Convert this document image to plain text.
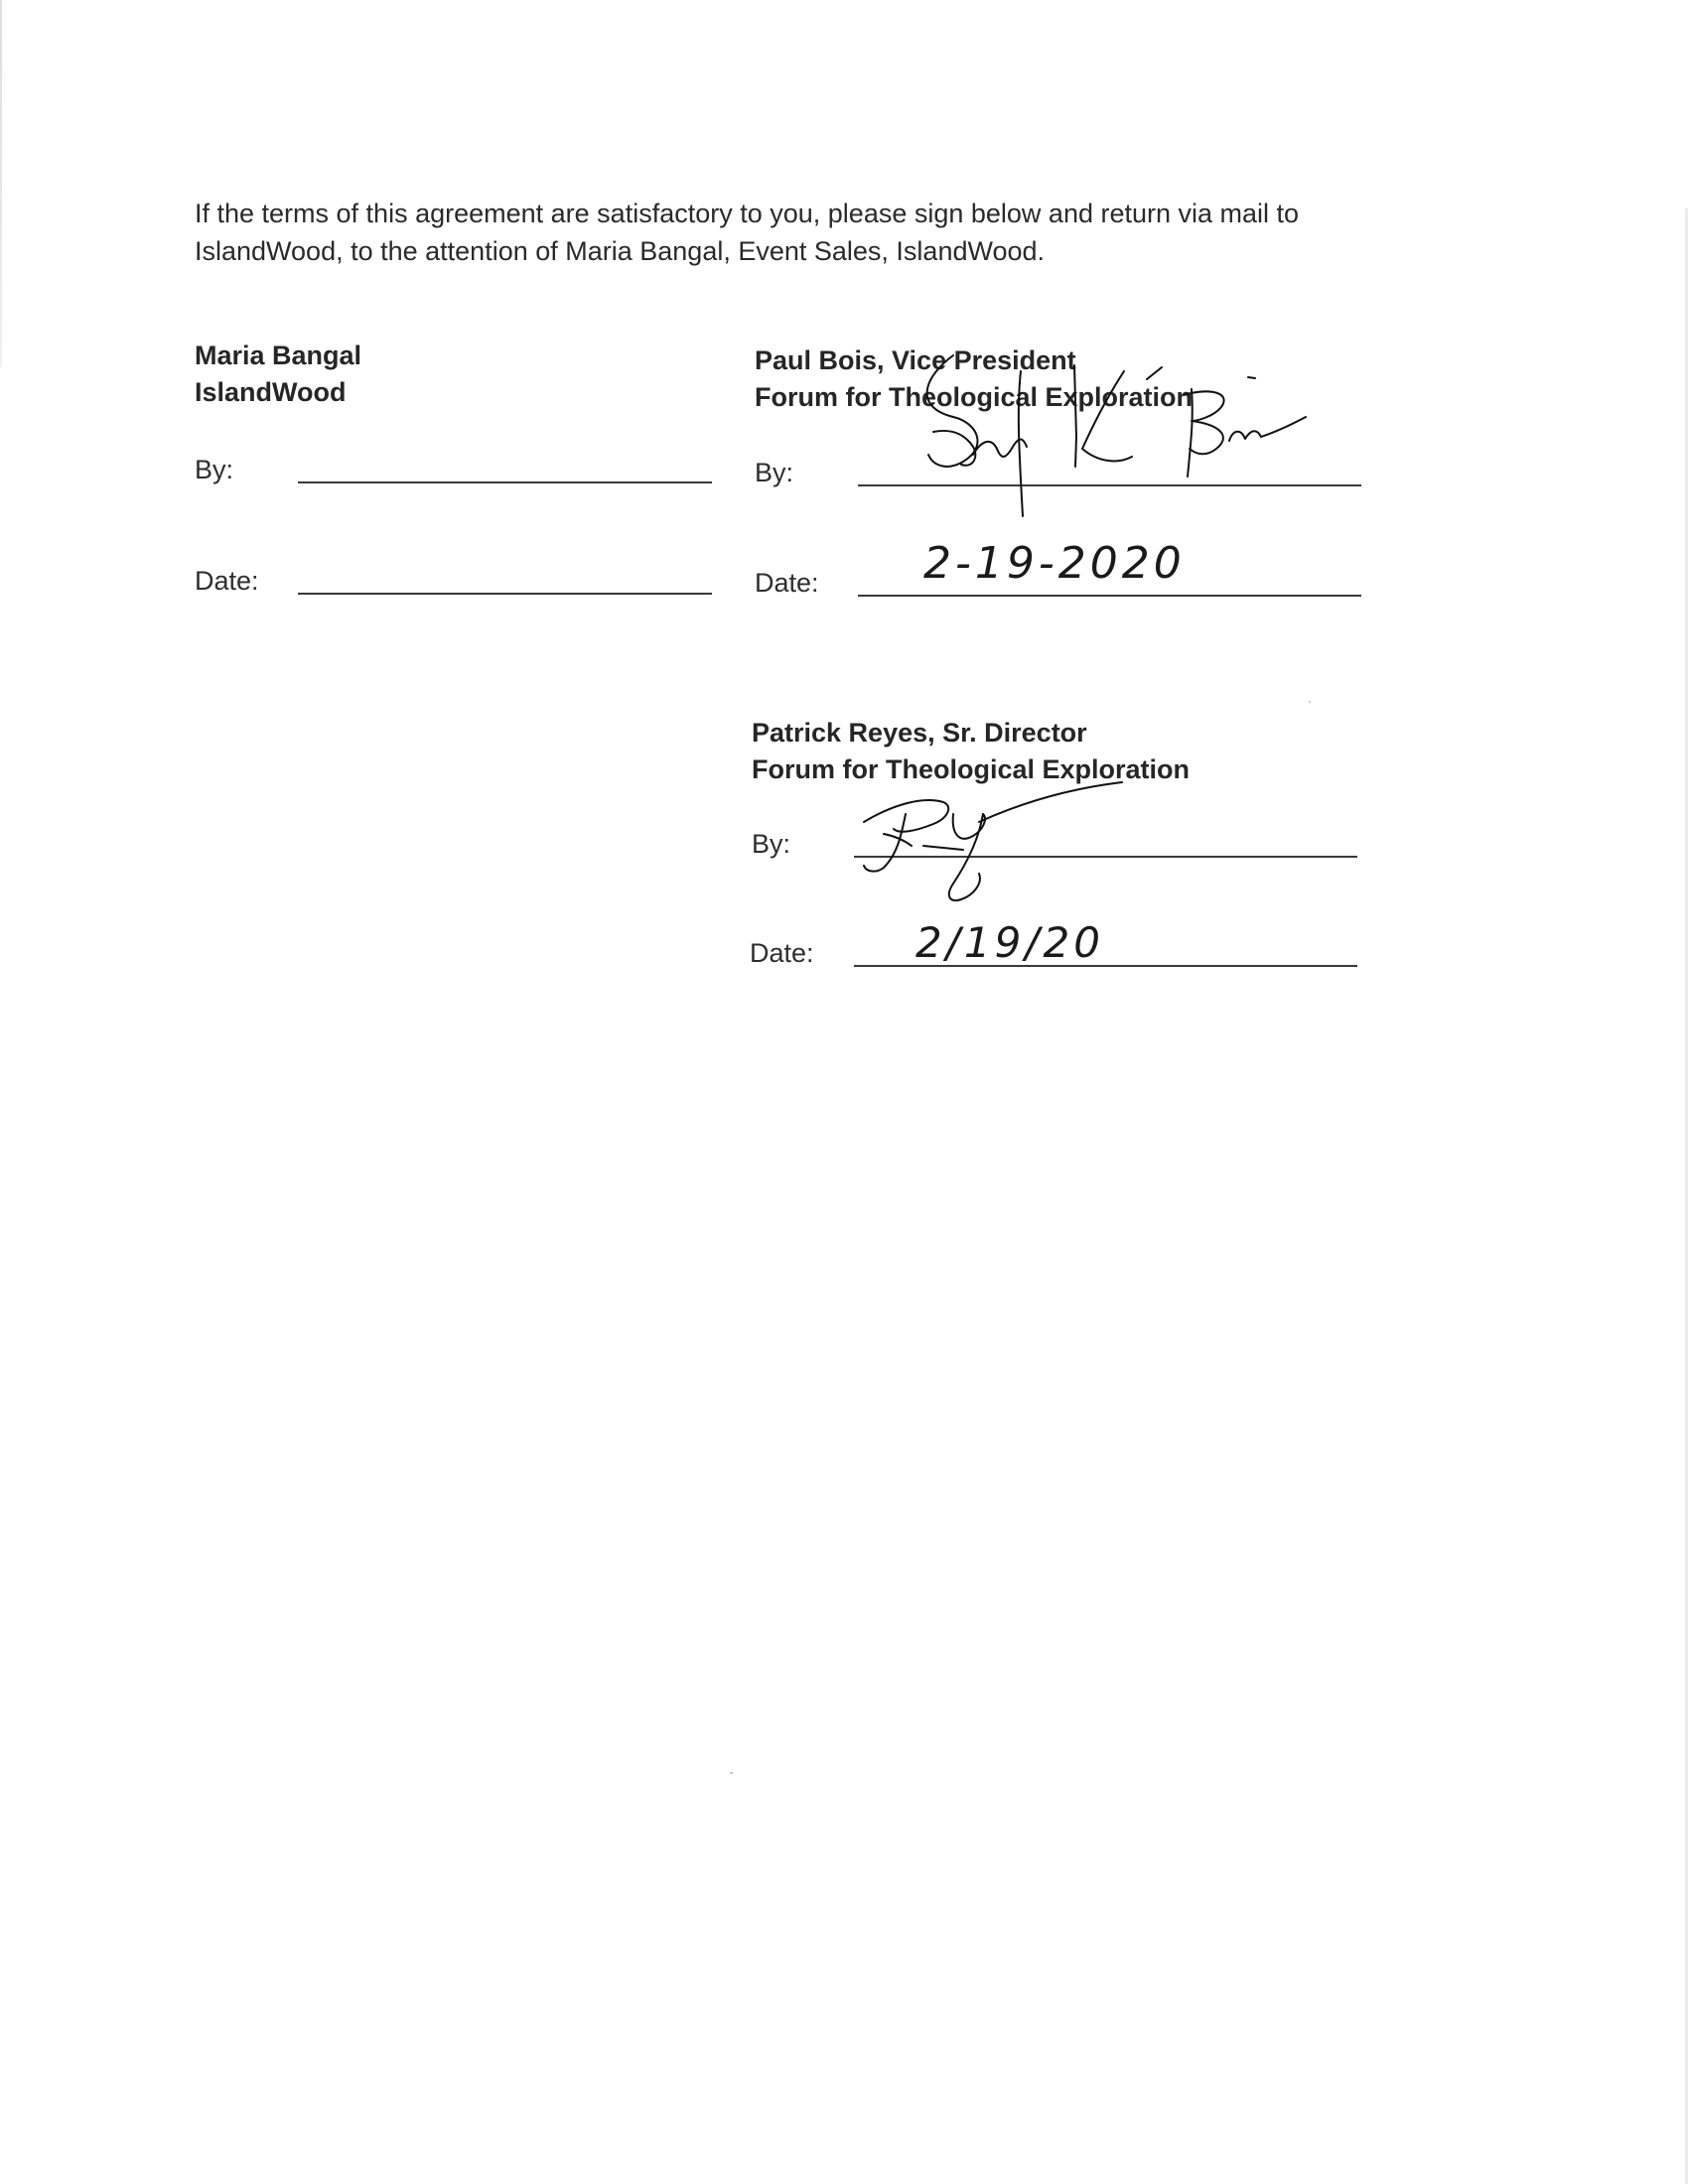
If the terms of this agreement are satisfactory to you, please sign below and return via mail to IslandWood, to the attention of Maria Bangal, Event Sales, IslandWood.

Maria Bangal
IslandWood
By:
Date:
Paul Bois, Vice President
Forum for Theological Exploration
By:
Date: 2-19-2020
Patrick Reyes, Sr. Director
Forum for Theological Exploration
By:
Date: 2/19/20
